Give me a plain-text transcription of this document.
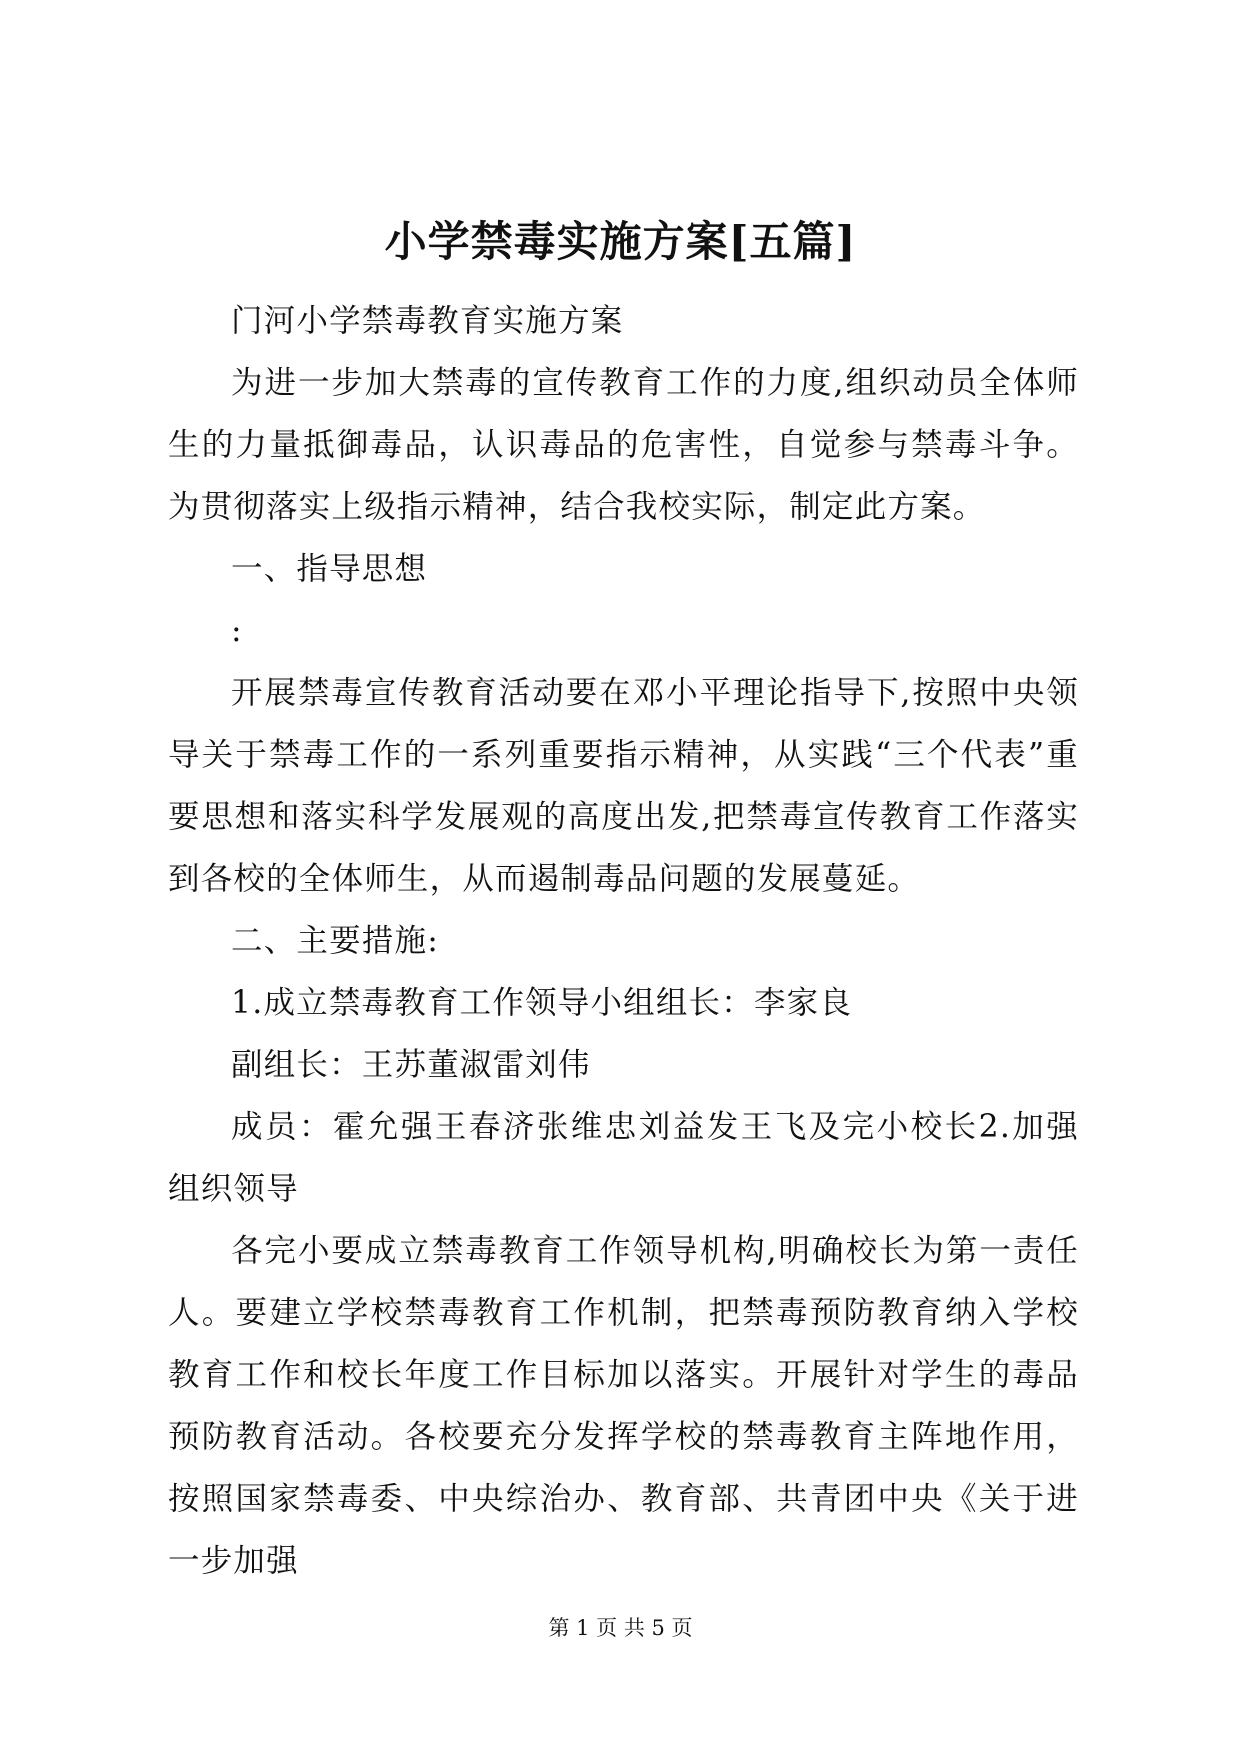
小学禁毒实施方案[五篇]

门河小学禁毒教育实施方案

为进一步加大禁毒的宣传教育工作的力度,组织动员全体师生的力量抵御毒品，认识毒品的危害性，自觉参与禁毒斗争。为贯彻落实上级指示精神，结合我校实际，制定此方案。

一、指导思想

:

开展禁毒宣传教育活动要在邓小平理论指导下,按照中央领导关于禁毒工作的一系列重要指示精神，从实践“三个代表”重要思想和落实科学发展观的高度出发,把禁毒宣传教育工作落实到各校的全体师生，从而遏制毒品问题的发展蔓延。

二、主要措施:

1.成立禁毒教育工作领导小组组长：李家良

副组长：王苏董淑雷刘伟

成员：霍允强王春济张维忠刘益发王飞及完小校长2.加强组织领导

各完小要成立禁毒教育工作领导机构,明确校长为第一责任人。要建立学校禁毒教育工作机制，把禁毒预防教育纳入学校教育工作和校长年度工作目标加以落实。开展针对学生的毒品预防教育活动。各校要充分发挥学校的禁毒教育主阵地作用，按照国家禁毒委、中央综治办、教育部、共青团中央《关于进一步加强

第 1 页 共 5 页
